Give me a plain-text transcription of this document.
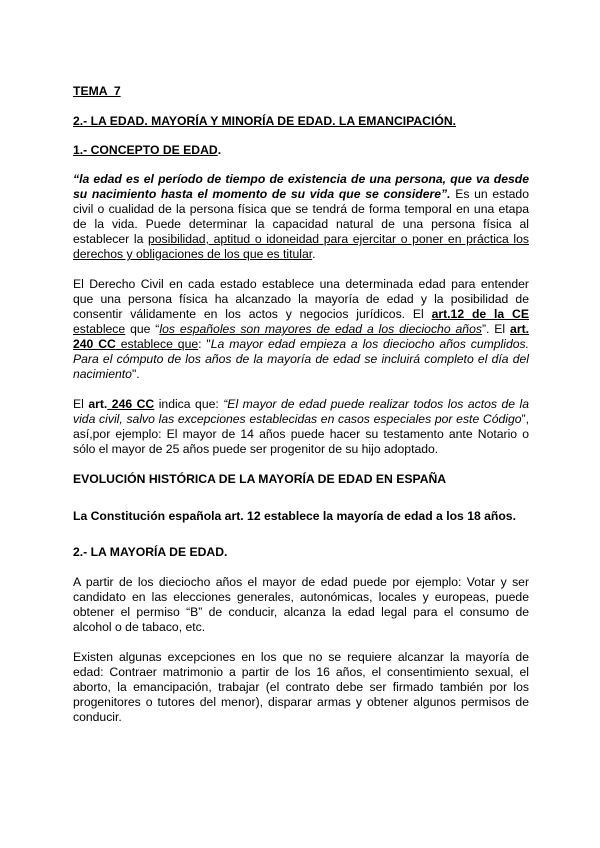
TEMA  7

2.- LA EDAD. MAYORÍA Y MINORÍA DE EDAD. LA EMANCIPACIÓN.

1.- CONCEPTO DE EDAD.

“la edad es el período de tiempo de existencia de una persona, que va desde su nacimiento hasta el momento de su vida que se considere”. Es un estado civil o cualidad de la persona física que se tendrá de forma temporal en una etapa de la vida. Puede determinar la capacidad natural de una persona física al establecer la posibilidad, aptitud o idoneidad para ejercitar o poner en práctica los derechos y obligaciones de los que es titular.

El Derecho Civil en cada estado establece una determinada edad para entender que una persona física ha alcanzado la mayoría de edad y la posibilidad de consentir válidamente en los actos y negocios jurídicos. El art.12 de la CE establece que “los españoles son mayores de edad a los dieciocho años”. El art. 240 CC establece que: "La mayor edad empieza a los dieciocho años cumplidos. Para el cómputo de los años de la mayoría de edad se incluirá completo el día del nacimiento".

El art. 246 CC indica que: “El mayor de edad puede realizar todos los actos de la vida civil, salvo las excepciones establecidas en casos especiales por este Código”, así,por ejemplo: El mayor de 14 años puede hacer su testamento ante Notario o sólo el mayor de 25 años puede ser progenitor de su hijo adoptado.

EVOLUCIÓN HISTÓRICA DE LA MAYORÍA DE EDAD EN ESPAÑA

La Constitución española art. 12 establece la mayoría de edad a los 18 años.

2.- LA MAYORÍA DE EDAD.

A partir de los dieciocho años el mayor de edad puede por ejemplo: Votar y ser candidato en las elecciones generales, autonómicas, locales y europeas, puede obtener el permiso “B” de conducir, alcanza la edad legal para el consumo de alcohol o de tabaco, etc.

Existen algunas excepciones en los que no se requiere alcanzar la mayoría de edad: Contraer matrimonio a partir de los 16 años, el consentimiento sexual, el aborto, la emancipación, trabajar (el contrato debe ser firmado también por los progenitores o tutores del menor), disparar armas y obtener algunos permisos de conducir.
